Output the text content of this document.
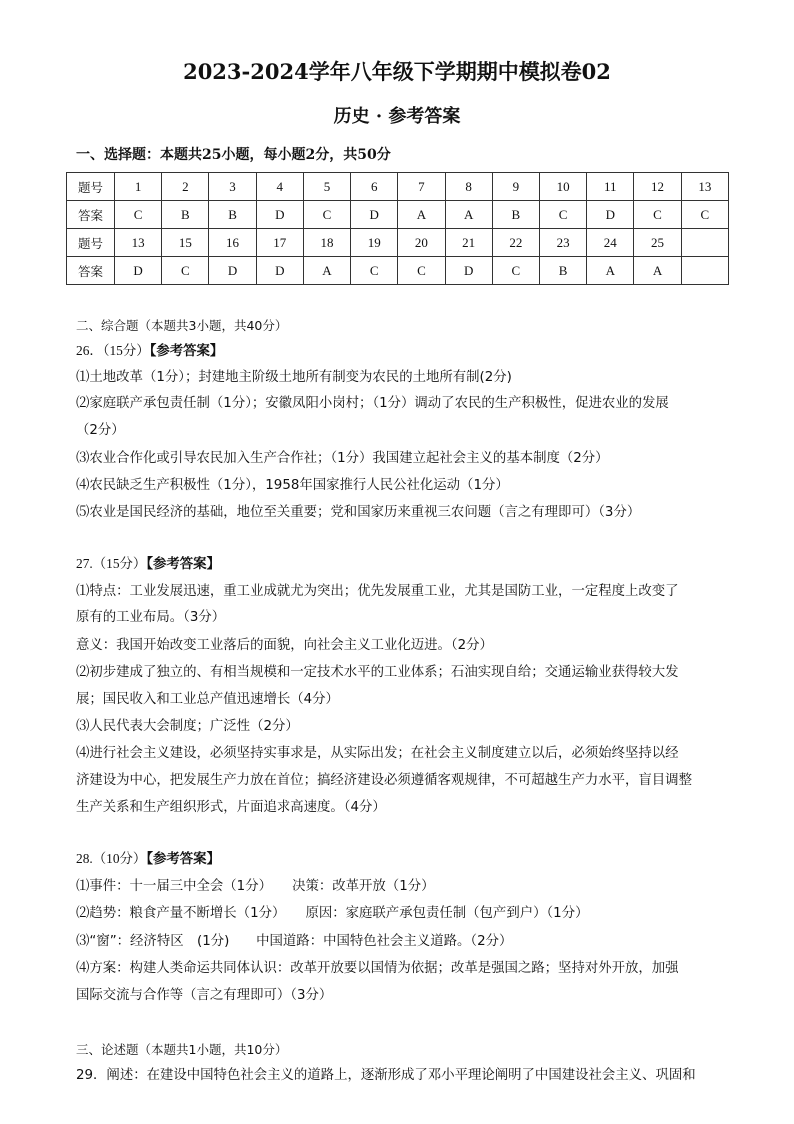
2023-2024学年八年级下学期期中模拟卷02
历史 · 参考答案
一、选择题：本题共25小题，每小题2分，共50分
题号	1	2	3	4	5	6	7	8	9	10	11	12	13
答案	C	B	B	D	C	D	A	A	B	C	D	C	C
题号	13	15	16	17	18	19	20	21	22	23	24	25	
答案	D	C	D	D	A	C	C	D	C	B	A	A	
二、综合题（本题共3小题，共40分）
26．（15分）【参考答案】
⑴土地改革（1分）；封建地主阶级土地所有制变为农民的土地所有制(2分)
⑵家庭联产承包责任制（1分）；安徽凤阳小岗村；（1分）调动了农民的生产积极性，促进农业的发展
（2分）
⑶农业合作化或引导农民加入生产合作社；（1分）我国建立起社会主义的基本制度（2分）
⑷农民缺乏生产积极性（1分），1958年国家推行人民公社化运动（1分）
⑸农业是国民经济的基础，地位至关重要；党和国家历来重视三农问题（言之有理即可）（3分）
27.（15分）【参考答案】
⑴特点：工业发展迅速，重工业成就尤为突出；优先发展重工业，尤其是国防工业，一定程度上改变了
原有的工业布局。（3分）
意义：我国开始改变工业落后的面貌，向社会主义工业化迈进。（2分）
⑵初步建成了独立的、有相当规模和一定技术水平的工业体系；石油实现自给；交通运输业获得较大发
展；国民收入和工业总产值迅速增长（4分）
⑶人民代表大会制度；广泛性（2分）
⑷进行社会主义建设，必须坚持实事求是，从实际出发；在社会主义制度建立以后，必须始终坚持以经
济建设为中心，把发展生产力放在首位；搞经济建设必须遵循客观规律，不可超越生产力水平，盲目调整
生产关系和生产组织形式，片面追求高速度。（4分）
28.（10分）【参考答案】
⑴事件：十一届三中全会（1分）　　决策：改革开放（1分）
⑵趋势：粮食产量不断增长（1分）　　原因：家庭联产承包责任制（包产到户）（1分）
⑶“窗”：经济特区　(1分)　　中国道路：中国特色社会主义道路。（2分）
⑷方案：构建人类命运共同体认识：改革开放要以国情为依据；改革是强国之路；坚持对外开放，加强
国际交流与合作等（言之有理即可）（3分）
三、论述题（本题共1小题，共10分）
29．阐述：在建设中国特色社会主义的道路上，逐渐形成了邓小平理论阐明了中国建设社会主义、巩固和
